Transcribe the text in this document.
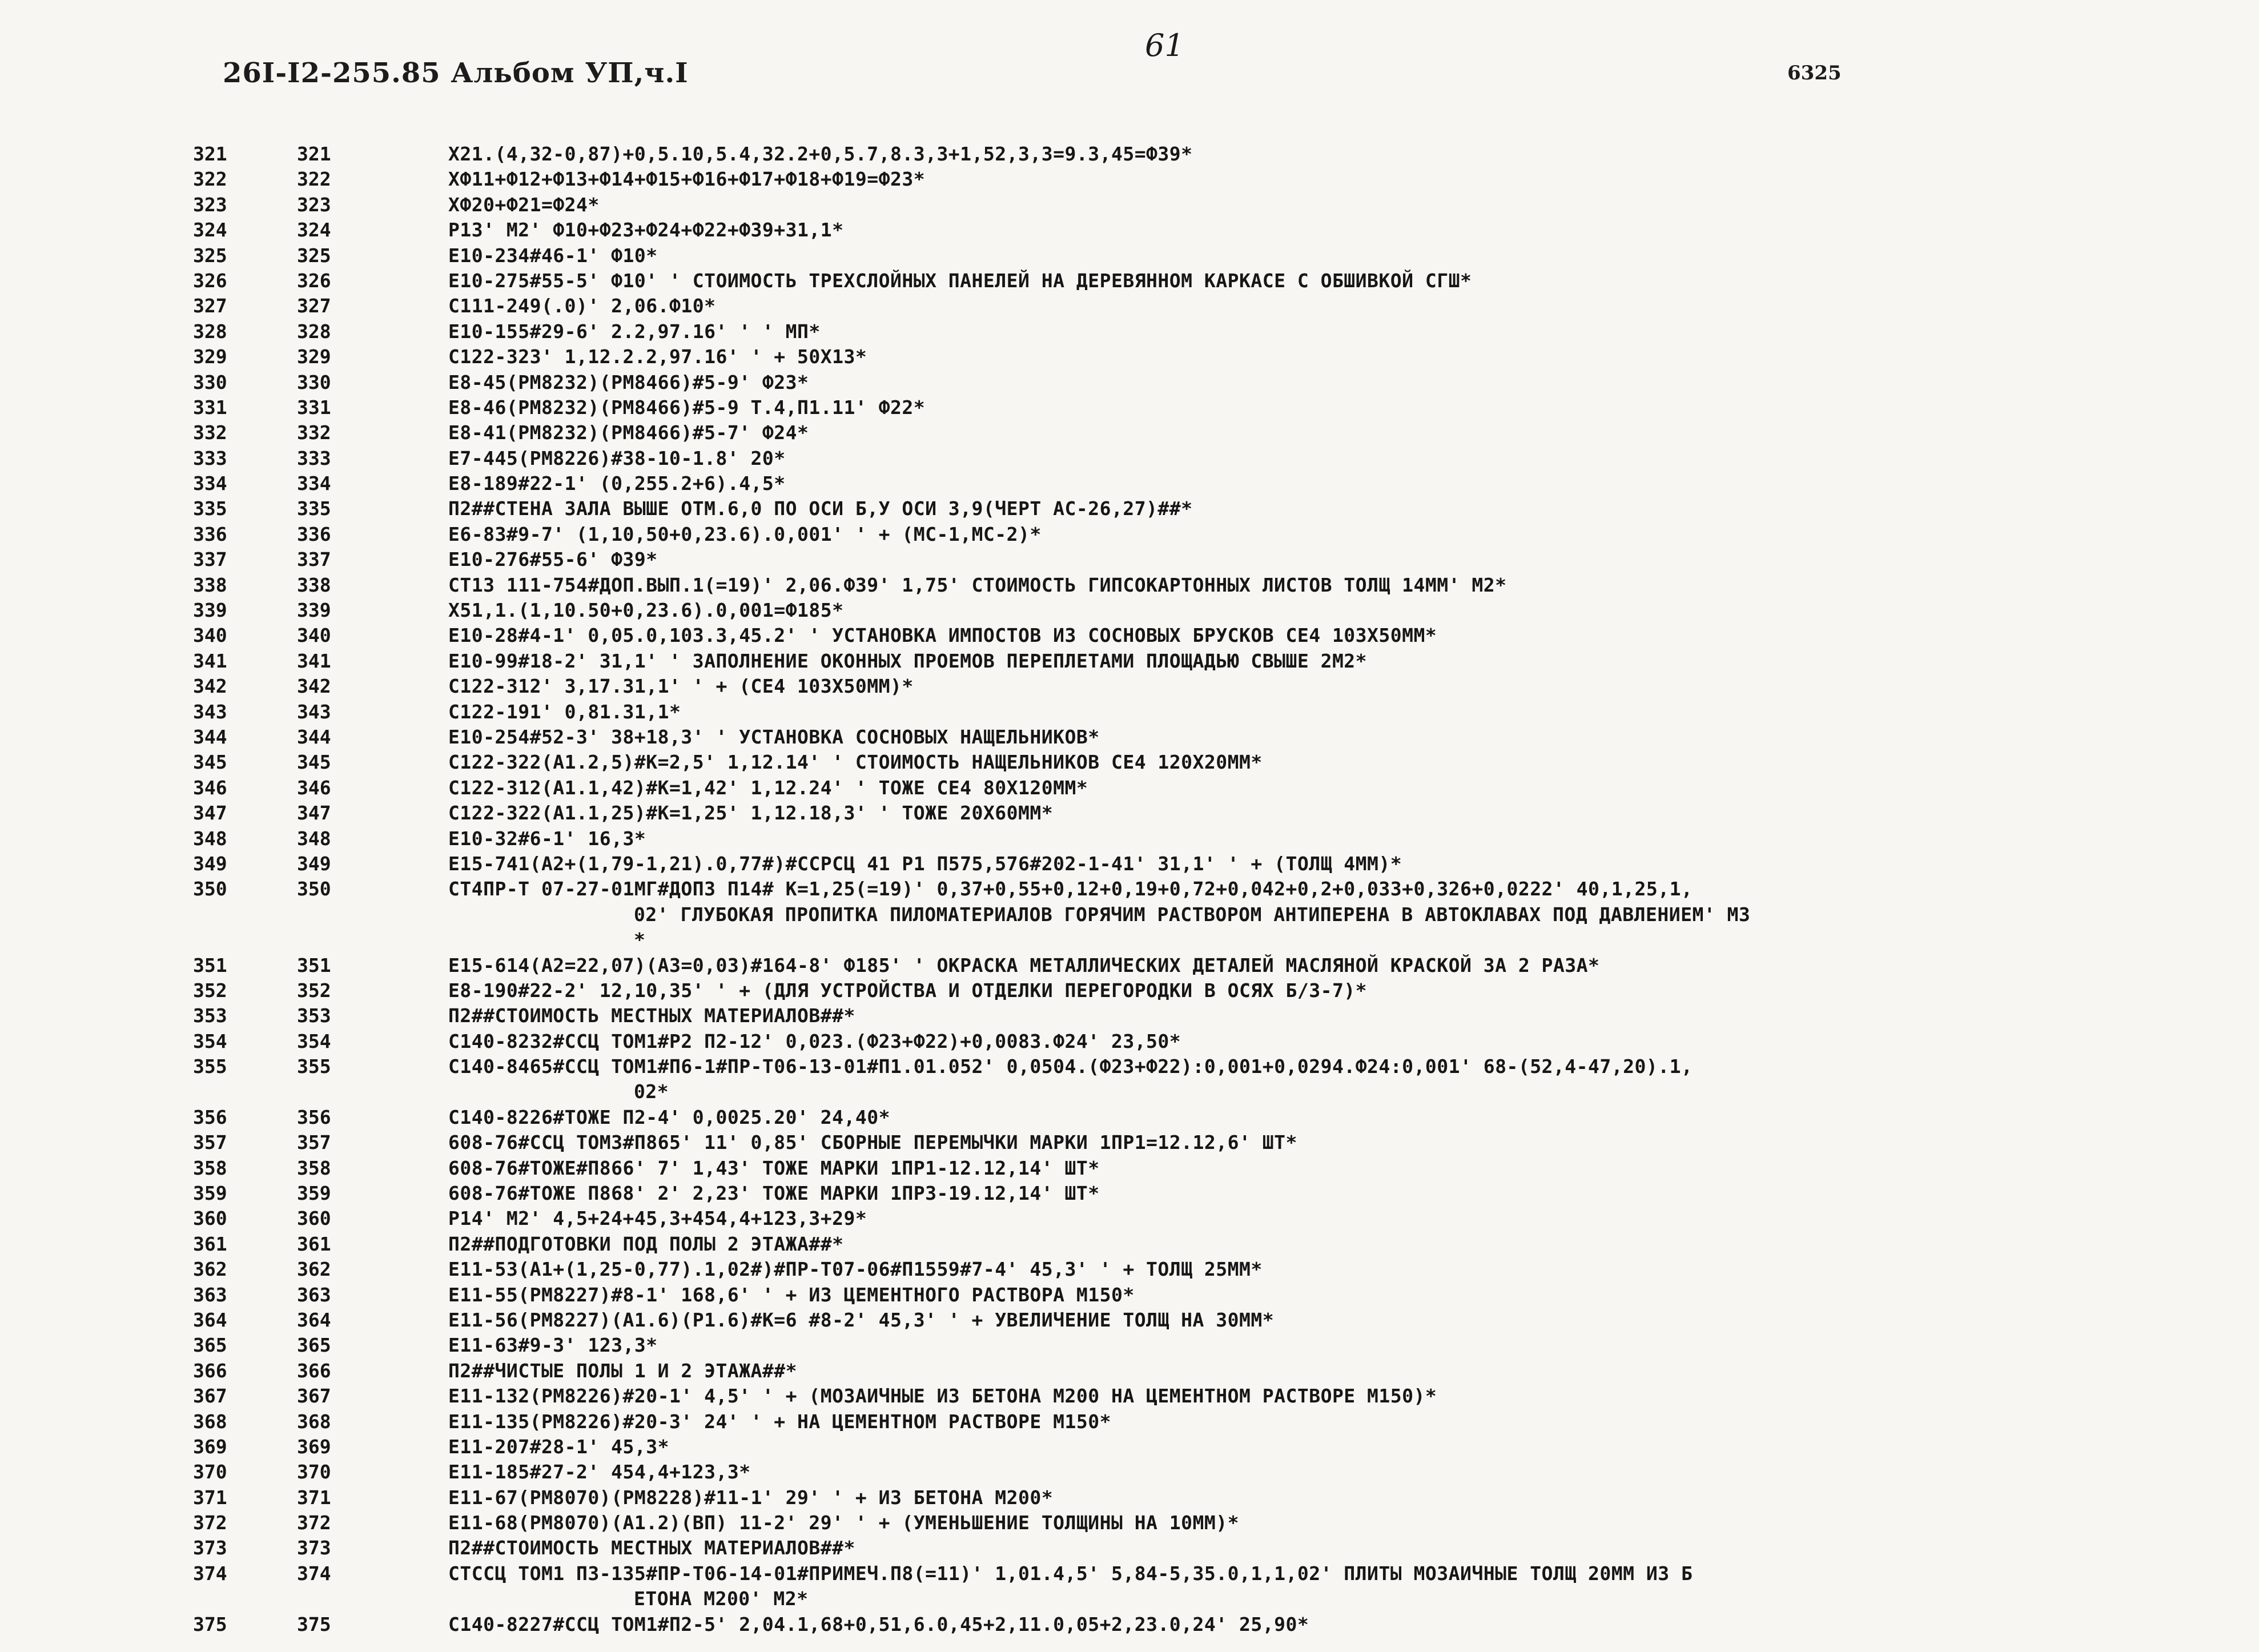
26I-I2-255.85 Альбом УП,ч.I
61
6325
321	321	X21.(4,32-0,87)+0,5.10,5.4,32.2+0,5.7,8.3,3+1,52,3,3=9.3,45=Ф39*
322	322	XФ11+Ф12+Ф13+Ф14+Ф15+Ф16+Ф17+Ф18+Ф19=Ф23*
323	323	XФ20+Ф21=Ф24*
324	324	Р13' М2' Ф10+Ф23+Ф24+Ф22+Ф39+31,1*
325	325	Е10-234#46-1' Ф10*
326	326	Е10-275#55-5' Ф10' ' СТОИМОСТЬ ТРЕХСЛОЙНЫХ ПАНЕЛЕЙ НА ДЕРЕВЯННОМ КАРКАСЕ С ОБШИВКОЙ СГШ*
327	327	С111-249(.0)' 2,06.Ф10*
328	328	Е10-155#29-6' 2.2,97.16' ' ' МП*
329	329	С122-323' 1,12.2.2,97.16' ' + 50X13*
330	330	Е8-45(РМ8232)(РМ8466)#5-9' Ф23*
331	331	Е8-46(РМ8232)(РМ8466)#5-9 Т.4,П1.11' Ф22*
332	332	Е8-41(РМ8232)(РМ8466)#5-7' Ф24*
333	333	Е7-445(РМ8226)#38-10-1.8' 20*
334	334	Е8-189#22-1' (0,255.2+6).4,5*
335	335	П2##СТЕНА ЗАЛА ВЫШЕ ОТМ.6,0 ПО ОСИ Б,У ОСИ 3,9(ЧЕРТ АС-26,27)##*
336	336	Е6-83#9-7' (1,10,50+0,23.6).0,001' ' + (МС-1,МС-2)*
337	337	Е10-276#55-6' Ф39*
338	338	СТ13 111-754#ДОП.ВЫП.1(=19)' 2,06.Ф39' 1,75' СТОИМОСТЬ ГИПСОКАРТОННЫХ ЛИСТОВ ТОЛЩ 14ММ' М2*
339	339	X51,1.(1,10.50+0,23.6).0,001=Ф185*
340	340	Е10-28#4-1' 0,05.0,103.3,45.2' ' УСТАНОВКА ИМПОСТОВ ИЗ СОСНОВЫХ БРУСКОВ СЕ4 103X50ММ*
341	341	Е10-99#18-2' 31,1' ' ЗАПОЛНЕНИЕ ОКОННЫХ ПРОЕМОВ ПЕРЕПЛЕТАМИ ПЛОЩАДЬЮ СВЫШЕ 2М2*
342	342	С122-312' 3,17.31,1' ' + (СЕ4 103X50ММ)*
343	343	С122-191' 0,81.31,1*
344	344	Е10-254#52-3' 38+18,3' ' УСТАНОВКА СОСНОВЫХ НАЩЕЛЬНИКОВ*
345	345	С122-322(А1.2,5)#К=2,5' 1,12.14' ' СТОИМОСТЬ НАЩЕЛЬНИКОВ СЕ4 120X20ММ*
346	346	С122-312(А1.1,42)#К=1,42' 1,12.24' ' ТОЖЕ СЕ4 80X120ММ*
347	347	С122-322(А1.1,25)#К=1,25' 1,12.18,3' ' ТОЖЕ 20X60ММ*
348	348	Е10-32#6-1' 16,3*
349	349	Е15-741(А2+(1,79-1,21).0,77#)#ССРСЦ 41 Р1 П575,576#202-1-41' 31,1' ' + (ТОЛЩ 4ММ)*
350	350	СТ4ПР-Т 07-27-01МГ#ДОП3 П14# К=1,25(=19)' 0,37+0,55+0,12+0,19+0,72+0,042+0,2+0,033+0,326+0,0222' 40,1,25,1,
02' ГЛУБОКАЯ ПРОПИТКА ПИЛОМАТЕРИАЛОВ ГОРЯЧИМ РАСТВОРОМ АНТИПЕРЕНА В АВТОКЛАВАХ ПОД ДАВЛЕНИЕМ' М3
*
351	351	Е15-614(А2=22,07)(А3=0,03)#164-8' Ф185' ' ОКРАСКА МЕТАЛЛИЧЕСКИХ ДЕТАЛЕЙ МАСЛЯНОЙ КРАСКОЙ ЗА 2 РАЗА*
352	352	Е8-190#22-2' 12,10,35' ' + (ДЛЯ УСТРОЙСТВА И ОТДЕЛКИ ПЕРЕГОРОДКИ В ОСЯХ Б/3-7)*
353	353	П2##СТОИМОСТЬ МЕСТНЫХ МАТЕРИАЛОВ##*
354	354	С140-8232#ССЦ ТОМ1#Р2 П2-12' 0,023.(Ф23+Ф22)+0,0083.Ф24' 23,50*
355	355	С140-8465#ССЦ ТОМ1#П6-1#ПР-Т06-13-01#П1.01.052' 0,0504.(Ф23+Ф22):0,001+0,0294.Ф24:0,001' 68-(52,4-47,20).1,
02*
356	356	С140-8226#ТОЖЕ П2-4' 0,0025.20' 24,40*
357	357	608-76#ССЦ ТОМ3#П865' 11' 0,85' СБОРНЫЕ ПЕРЕМЫЧКИ МАРКИ 1ПР1=12.12,6' ШТ*
358	358	608-76#ТОЖЕ#П866' 7' 1,43' ТОЖЕ МАРКИ 1ПР1-12.12,14' ШТ*
359	359	608-76#ТОЖЕ П868' 2' 2,23' ТОЖЕ МАРКИ 1ПР3-19.12,14' ШТ*
360	360	Р14' М2' 4,5+24+45,3+454,4+123,3+29*
361	361	П2##ПОДГОТОВКИ ПОД ПОЛЫ 2 ЭТАЖА##*
362	362	Е11-53(А1+(1,25-0,77).1,02#)#ПР-Т07-06#П1559#7-4' 45,3' ' + ТОЛЩ 25ММ*
363	363	Е11-55(РМ8227)#8-1' 168,6' ' + ИЗ ЦЕМЕНТНОГО РАСТВОРА М150*
364	364	Е11-56(РМ8227)(А1.6)(Р1.6)#К=6 #8-2' 45,3' ' + УВЕЛИЧЕНИЕ ТОЛЩ НА 30ММ*
365	365	Е11-63#9-3' 123,3*
366	366	П2##ЧИСТЫЕ ПОЛЫ 1 И 2 ЭТАЖА##*
367	367	Е11-132(РМ8226)#20-1' 4,5' ' + (МОЗАИЧНЫЕ ИЗ БЕТОНА М200 НА ЦЕМЕНТНОМ РАСТВОРЕ М150)*
368	368	Е11-135(РМ8226)#20-3' 24' ' + НА ЦЕМЕНТНОМ РАСТВОРЕ М150*
369	369	Е11-207#28-1' 45,3*
370	370	Е11-185#27-2' 454,4+123,3*
371	371	Е11-67(РМ8070)(РМ8228)#11-1' 29' ' + ИЗ БЕТОНА М200*
372	372	Е11-68(РМ8070)(А1.2)(ВП) 11-2' 29' ' + (УМЕНЬШЕНИЕ ТОЛЩИНЫ НА 10ММ)*
373	373	П2##СТОИМОСТЬ МЕСТНЫХ МАТЕРИАЛОВ##*
374	374	СТССЦ ТОМ1 П3-135#ПР-Т06-14-01#ПРИМЕЧ.П8(=11)' 1,01.4,5' 5,84-5,35.0,1,1,02' ПЛИТЫ МОЗАИЧНЫЕ ТОЛЩ 20ММ ИЗ Б
ЕТОНА М200' М2*
375	375	С140-8227#ССЦ ТОМ1#П2-5' 2,04.1,68+0,51,6.0,45+2,11.0,05+2,23.0,24' 25,90*
